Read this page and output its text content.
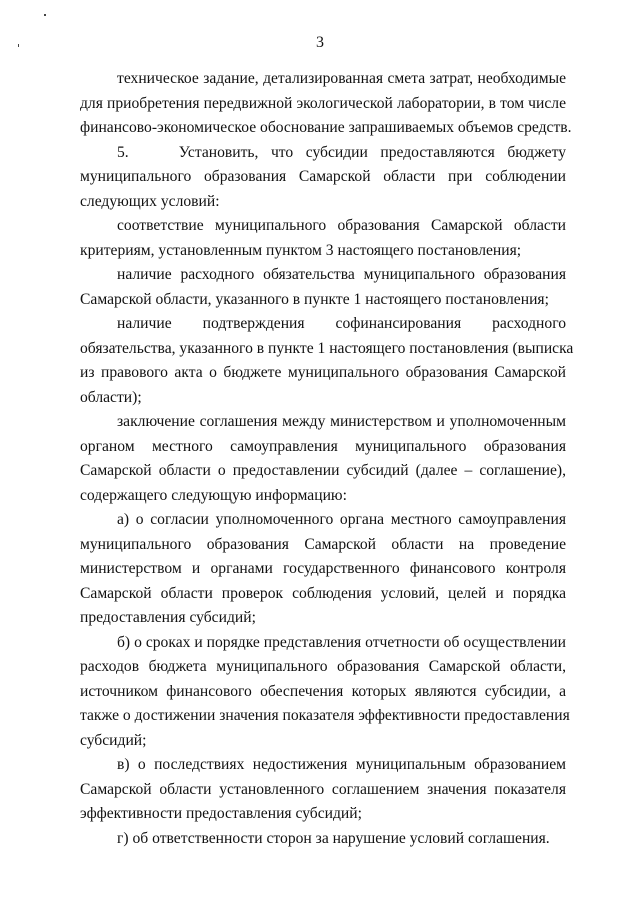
3
техническое задание, детализированная смета затрат, необходимые
для приобретения передвижной экологической лаборатории, в том числе
финансово-экономическое обоснование запрашиваемых объемов средств.
5.    Установить, что субсидии предоставляются бюджету
муниципального образования Самарской области при соблюдении
следующих условий:
соответствие муниципального образования Самарской области
критериям, установленным пунктом 3 настоящего постановления;
наличие расходного обязательства муниципального образования
Самарской области, указанного в пункте 1 настоящего постановления;
наличие подтверждения софинансирования расходного
обязательства, указанного в пункте 1 настоящего постановления (выписка
из правового акта о бюджете муниципального образования Самарской
области);
заключение соглашения между министерством и уполномоченным
органом местного самоуправления муниципального образования
Самарской области о предоставлении субсидий (далее – соглашение),
содержащего следующую информацию:
а) о согласии уполномоченного органа местного самоуправления
муниципального образования Самарской области на проведение
министерством и органами государственного финансового контроля
Самарской области проверок соблюдения условий, целей и порядка
предоставления субсидий;
б) о сроках и порядке представления отчетности об осуществлении
расходов бюджета муниципального образования Самарской области,
источником финансового обеспечения которых являются субсидии, а
также о достижении значения показателя эффективности предоставления
субсидий;
в) о последствиях недостижения муниципальным образованием
Самарской области установленного соглашением значения показателя
эффективности предоставления субсидий;
г) об ответственности сторон за нарушение условий соглашения.
